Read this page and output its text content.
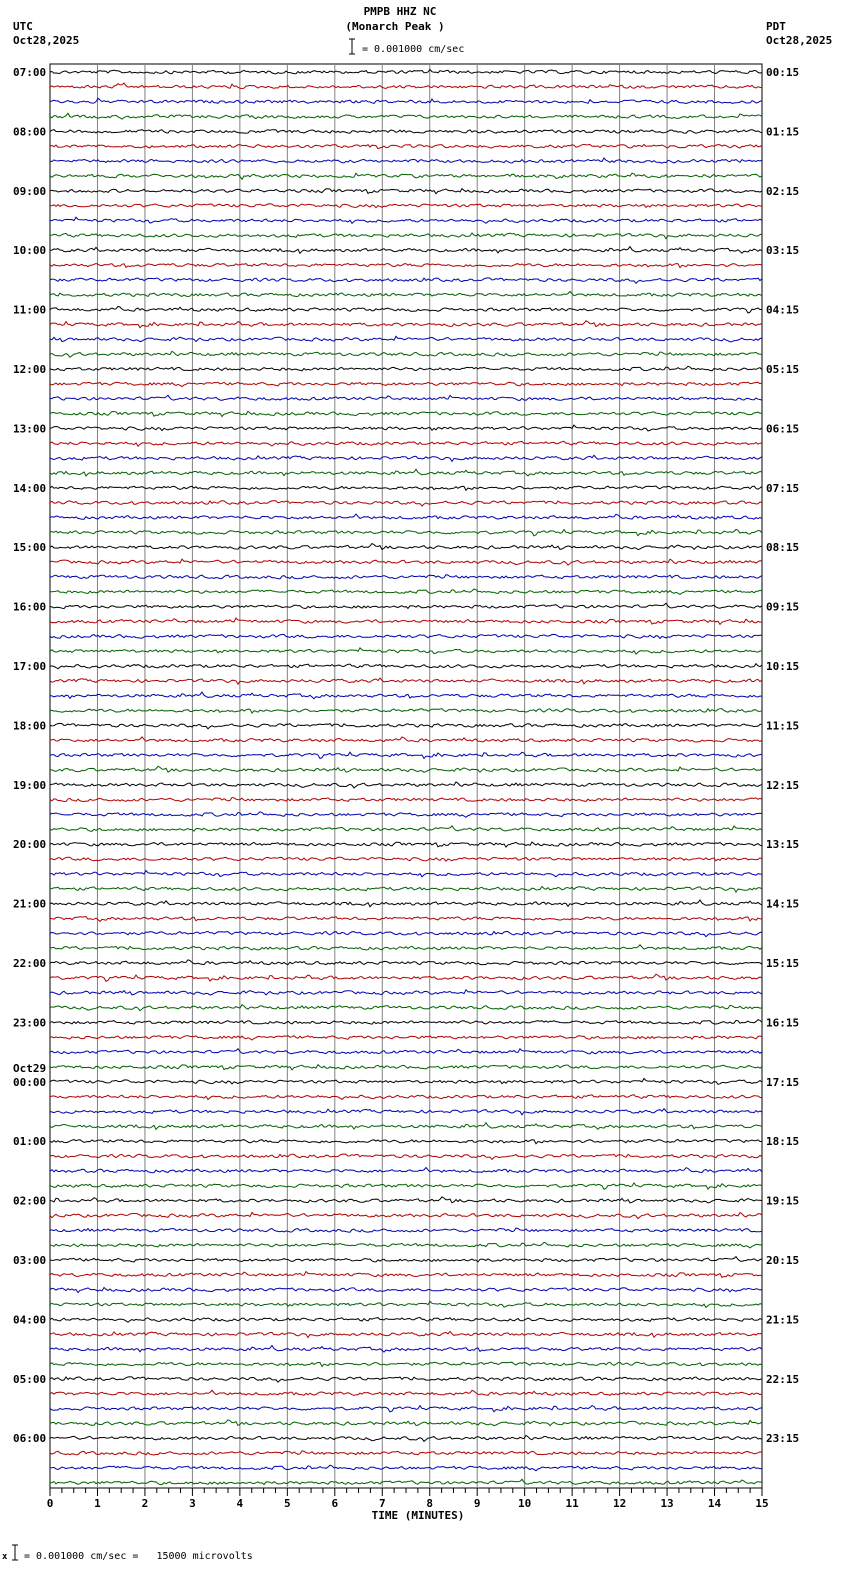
PMPB HHZ NC
(Monarch Peak )
UTC
Oct28,2025
PDT
Oct28,2025
= 0.001000 cm/sec
07:00	00:15
08:00	01:15
09:00	02:15
10:00	03:15
11:00	04:15
12:00	05:15
13:00	06:15
14:00	07:15
15:00	08:15
16:00	09:15
17:00	10:15
18:00	11:15
19:00	12:15
20:00	13:15
21:00	14:15
22:00	15:15
23:00	16:15
00:00	17:15
Oct29
01:00	18:15
02:00	19:15
03:00	20:15
04:00	21:15
05:00	22:15
06:00	23:15
0	1	2	3	4	5	6	7	8	9	10	11	12	13	14	15
TIME (MINUTES)
x = 0.001000 cm/sec =   15000 microvolts
